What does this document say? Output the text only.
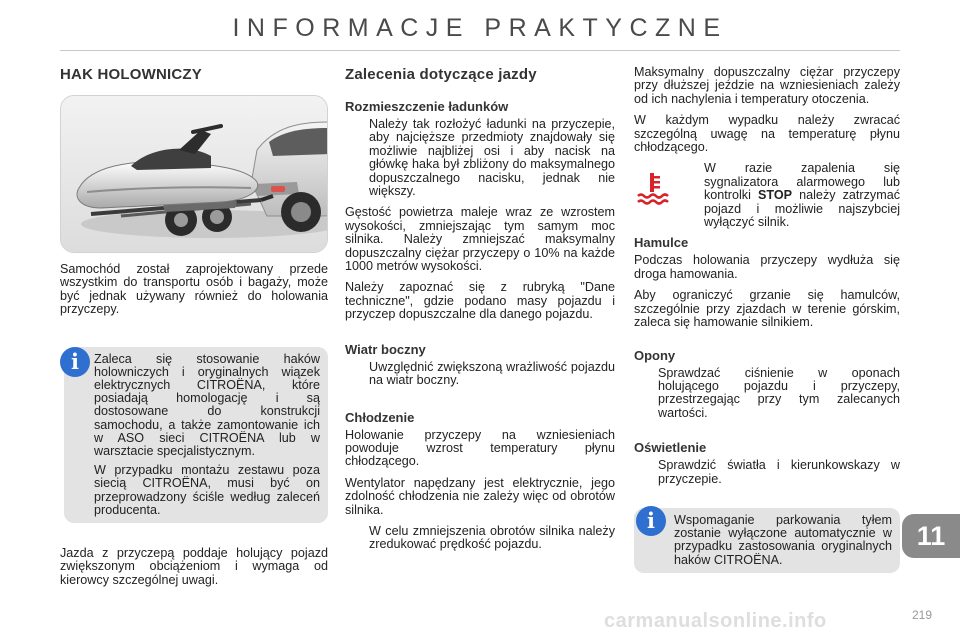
INFORMACJE PRAKTYCZNE
HAK HOLOWNICZY

Samochód został zaprojektowany przede wszystkim do transportu osób i bagaży, może być jednak używany również do holowania przyczepy.

i	Zaleca się stosowanie haków holowniczych i oryginalnych wiązek elektrycznych CITROËNA, które posiadają homologację i są dostosowane do konstrukcji samochodu, a także zamontowanie ich w ASO sieci CITROËNA lub w warsztacie specjalistycznym.

W przypadku montażu zestawu poza siecią CITROËNA, musi być on przeprowadzony ściśle według zaleceń producenta.

Jazda z przyczepą poddaje holujący pojazd zwiększonym obciążeniom i wymaga od kierowcy szczególnej uwagi.

Zalecenia dotyczące jazdy
Rozmieszczenie ładunków
Należy tak rozłożyć ładunki na przyczepie, aby najcięższe przedmioty znajdowały się możliwie najbliżej osi i aby nacisk na główkę haka był zbliżony do maksymalnego dopuszczalnego nacisku, jednak nie większy.

Gęstość powietrza maleje wraz ze wzrostem wysokości, zmniejszając tym samym moc silnika. Należy zmniejszać maksymalny dopuszczalny ciężar przyczepy o 10% na każde 1000 metrów wysokości.

Należy zapoznać się z rubryką "Dane techniczne", gdzie podano masy pojazdu i przyczep dopuszczalne dla danego pojazdu.

Wiatr boczny
Uwzględnić zwiększoną wrażliwość pojazdu na wiatr boczny.
Chłodzenie

Holowanie przyczepy na wzniesieniach powoduje wzrost temperatury płynu chłodzącego.

Wentylator napędzany jest elektrycznie, jego zdolność chłodzenia nie zależy więc od obrotów silnika.

W celu zmniejszenia obrotów silnika należy zredukować prędkość pojazdu.

Maksymalny dopuszczalny ciężar przyczepy przy dłuższej jeździe na wzniesieniach zależy od ich nachylenia i temperatury otoczenia.

W każdym wypadku należy zwracać szczególną uwagę na temperaturę płynu chłodzącego.

W razie zapalenia się sygnalizatora alarmowego lub kontrolki STOP należy zatrzymać pojazd i możliwie najszybciej wyłączyć silnik.
Hamulce

Podczas holowania przyczepy wydłuża się droga hamowania.

Aby ograniczyć grzanie się hamulców, szczególnie przy zjazdach w terenie górskim, zaleca się hamowanie silnikiem.

Opony
Sprawdzać ciśnienie w oponach holującego pojazdu i przyczepy, przestrzegając przy tym zalecanych wartości.
Oświetlenie
Sprawdzić światła i kierunkowskazy w przyczepie.
i	Wspomaganie parkowania tyłem zostanie wyłączone automatycznie w przypadku zastosowania oryginalnych haków CITROËNA.

11
carmanualsonline.info	219
